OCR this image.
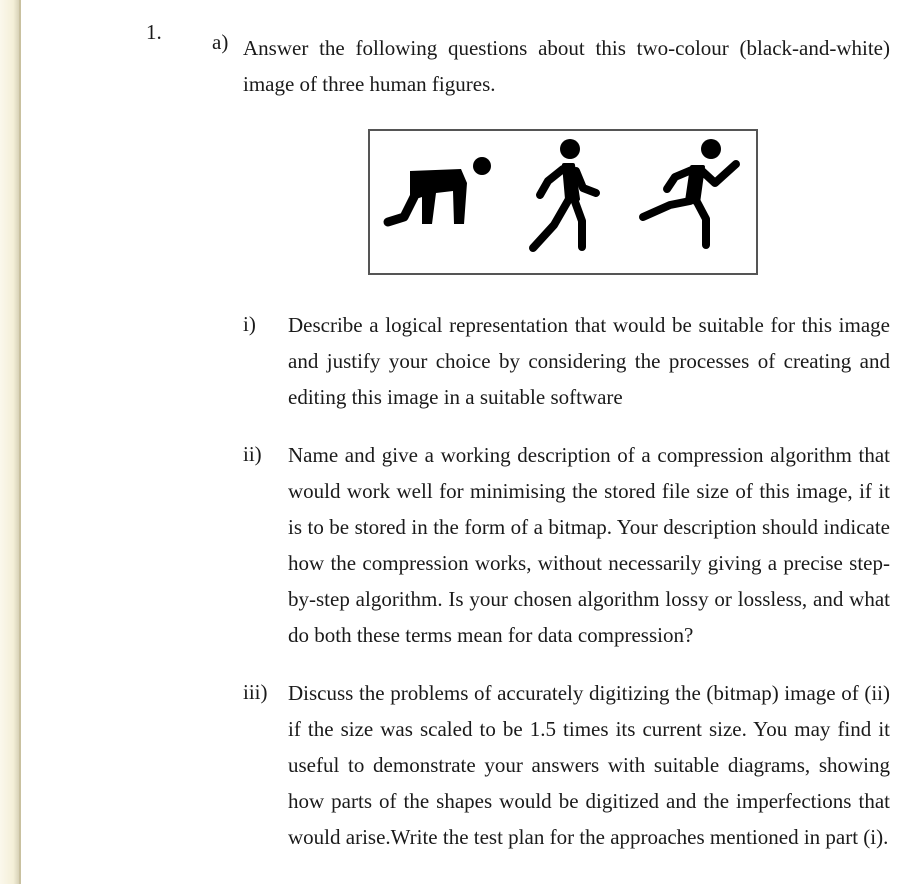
1. a) Answer the following questions about this two-colour (black-and-white) image of three human figures.

i) Describe a logical representation that would be suitable for this image and justify your choice by considering the processes of creating and editing this image in a suitable software

ii) Name and give a working description of a compression algorithm that would work well for minimising the stored file size of this image, if it is to be stored in the form of a bitmap. Your description should indicate how the compression works, without necessarily giving a precise step-by-step algorithm. Is your chosen algorithm lossy or lossless, and what do both these terms mean for data compression?

iii) Discuss the problems of accurately digitizing the (bitmap) image of (ii) if the size was scaled to be 1.5 times its current size. You may find it useful to demonstrate your answers with suitable diagrams, showing how parts of the shapes would be digitized and the imperfections that would arise.Write the test plan for the approaches mentioned in part (i).
